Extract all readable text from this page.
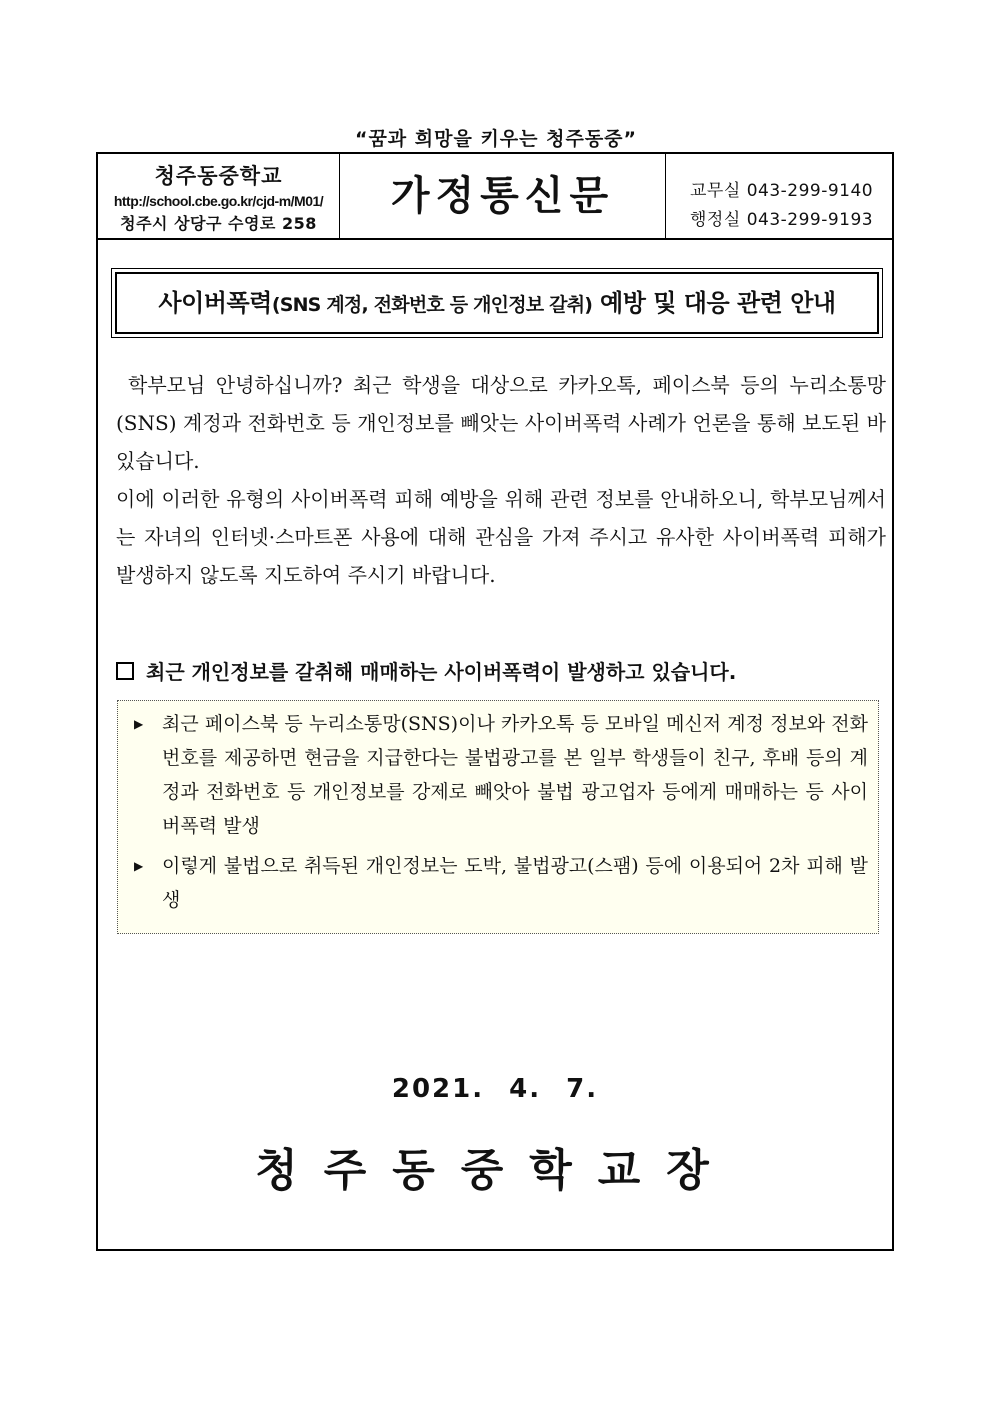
“꿈과 희망을 키우는 청주동중”
청주동중학교
http://school.cbe.go.kr/cjd-m/M01/
청주시 상당구 수영로 258
가정통신문	교무실 043-299-9140
행정실 043-299-9193
사이버폭력(SNS 계정, 전화번호 등 개인정보 갈취) 예방 및 대응 관련 안내

학부모님 안녕하십니까? 최근 학생을 대상으로 카카오톡, 페이스북 등의 누리소통망(SNS) 계정과 전화번호 등 개인정보를 빼앗는 사이버폭력 사례가 언론을 통해 보도된 바 있습니다.

이에 이러한 유형의 사이버폭력 피해 예방을 위해 관련 정보를 안내하오니, 학부모님께서는 자녀의 인터넷·스마트폰 사용에 대해 관심을 가져 주시고 유사한 사이버폭력 피해가 발생하지 않도록 지도하여 주시기 바랍니다.

최근 개인정보를 갈취해 매매하는 사이버폭력이 발생하고 있습니다.
▶ 최근 페이스북 등 누리소통망(SNS)이나 카카오톡 등 모바일 메신저 계정 정보와 전화번호를 제공하면 현금을 지급한다는 불법광고를 본 일부 학생들이 친구, 후배 등의 계정과 전화번호 등 개인정보를 강제로 빼앗아 불법 광고업자 등에게 매매하는 등 사이버폭력 발생
▶ 이렇게 불법으로 취득된 개인정보는 도박, 불법광고(스팸) 등에 이용되어 2차 피해 발생
2021. 4. 7.
청주동중학교장
